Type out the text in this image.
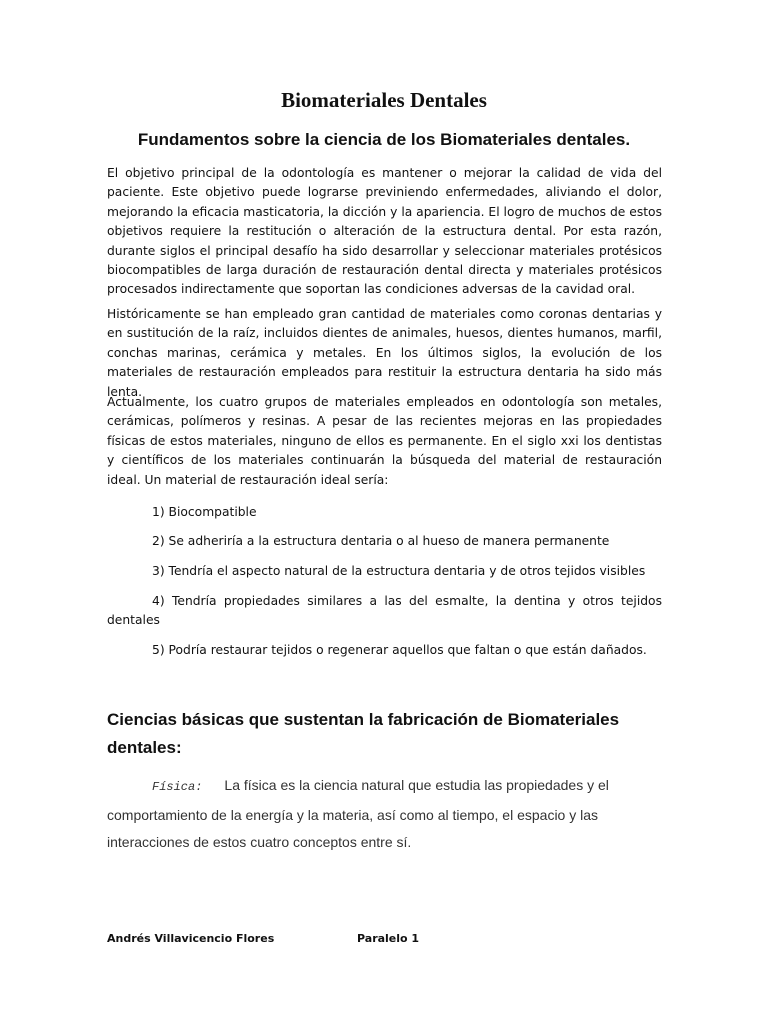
Biomateriales Dentales
Fundamentos sobre la ciencia de los Biomateriales dentales.

El objetivo principal de la odontología es mantener o mejorar la calidad de vida del paciente. Este objetivo puede lograrse previniendo enfermedades, aliviando el dolor, mejorando la eficacia masticatoria, la dicción y la apariencia. El logro de muchos de estos objetivos requiere la restitución o alteración de la estructura dental. Por esta razón, durante siglos el principal desafío ha sido desarrollar y seleccionar materiales protésicos biocompatibles de larga duración de restauración dental directa y materiales protésicos procesados indirectamente que soportan las condiciones adversas de la cavidad oral.

Históricamente se han empleado gran cantidad de materiales como coronas dentarias y en sustitución de la raíz, incluidos dientes de animales, huesos, dientes humanos, marfil, conchas marinas, cerámica y metales. En los últimos siglos, la evolución de los materiales de restauración empleados para restituir la estructura dentaria ha sido más lenta.

Actualmente, los cuatro grupos de materiales empleados en odontología son metales, cerámicas, polímeros y resinas. A pesar de las recientes mejoras en las propiedades físicas de estos materiales, ninguno de ellos es permanente. En el siglo xxi los dentistas y científicos de los materiales continuarán la búsqueda del material de restauración ideal. Un material de restauración ideal sería:

1) Biocompatible

2) Se adheriría a la estructura dentaria o al hueso de manera permanente

3) Tendría el aspecto natural de la estructura dentaria y de otros tejidos visibles

4) Tendría propiedades similares a las del esmalte, la dentina y otros tejidos dentales

5) Podría restaurar tejidos o regenerar aquellos que faltan o que están dañados.

Ciencias básicas que sustentan la fabricación de Biomateriales dentales:

Física: La física es la ciencia natural que estudia las propiedades y el comportamiento de la energía y la materia, así como al tiempo, el espacio y las interacciones de estos cuatro conceptos entre sí.

Andrés Villavicencio Flores	Paralelo 1
